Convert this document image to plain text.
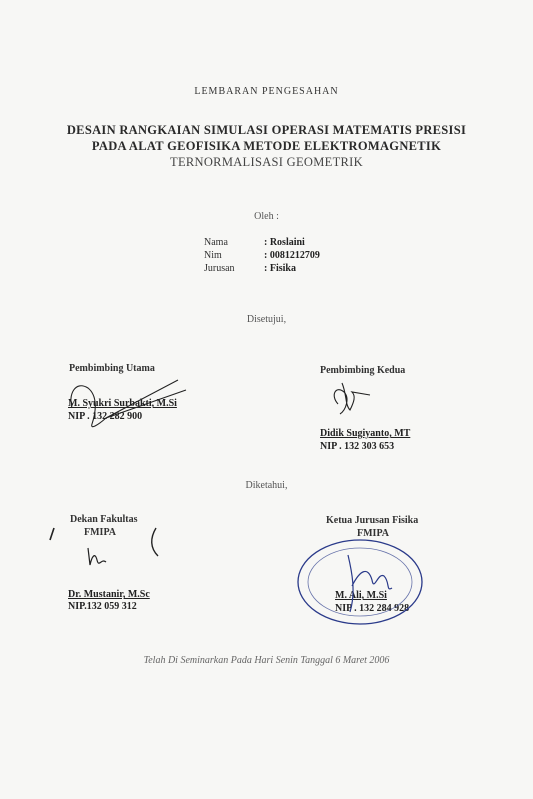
LEMBARAN PENGESAHAN
DESAIN RANGKAIAN SIMULASI OPERASI MATEMATIS PRESISI
PADA ALAT GEOFISIKA METODE ELEKTROMAGNETIK
TERNORMALISASI GEOMETRIK
Oleh :
Nama	: Roslaini
Nim	: 0081212709
Jurusan	: Fisika
Disetujui,
Pembimbing Utama
M. Syukri Surbakti, M.Si
NIP . 132 282 900
Pembimbing Kedua
Didik Sugiyanto, MT
NIP . 132 303 653
Diketahui,
Dekan Fakultas
FMIPA
Dr. Mustanir, M.Sc
NIP.132 059 312
Ketua Jurusan Fisika
FMIPA
M. Ali, M.Si
NIP . 132 284 928
Telah Di Seminarkan Pada Hari Senin Tanggal 6 Maret 2006
